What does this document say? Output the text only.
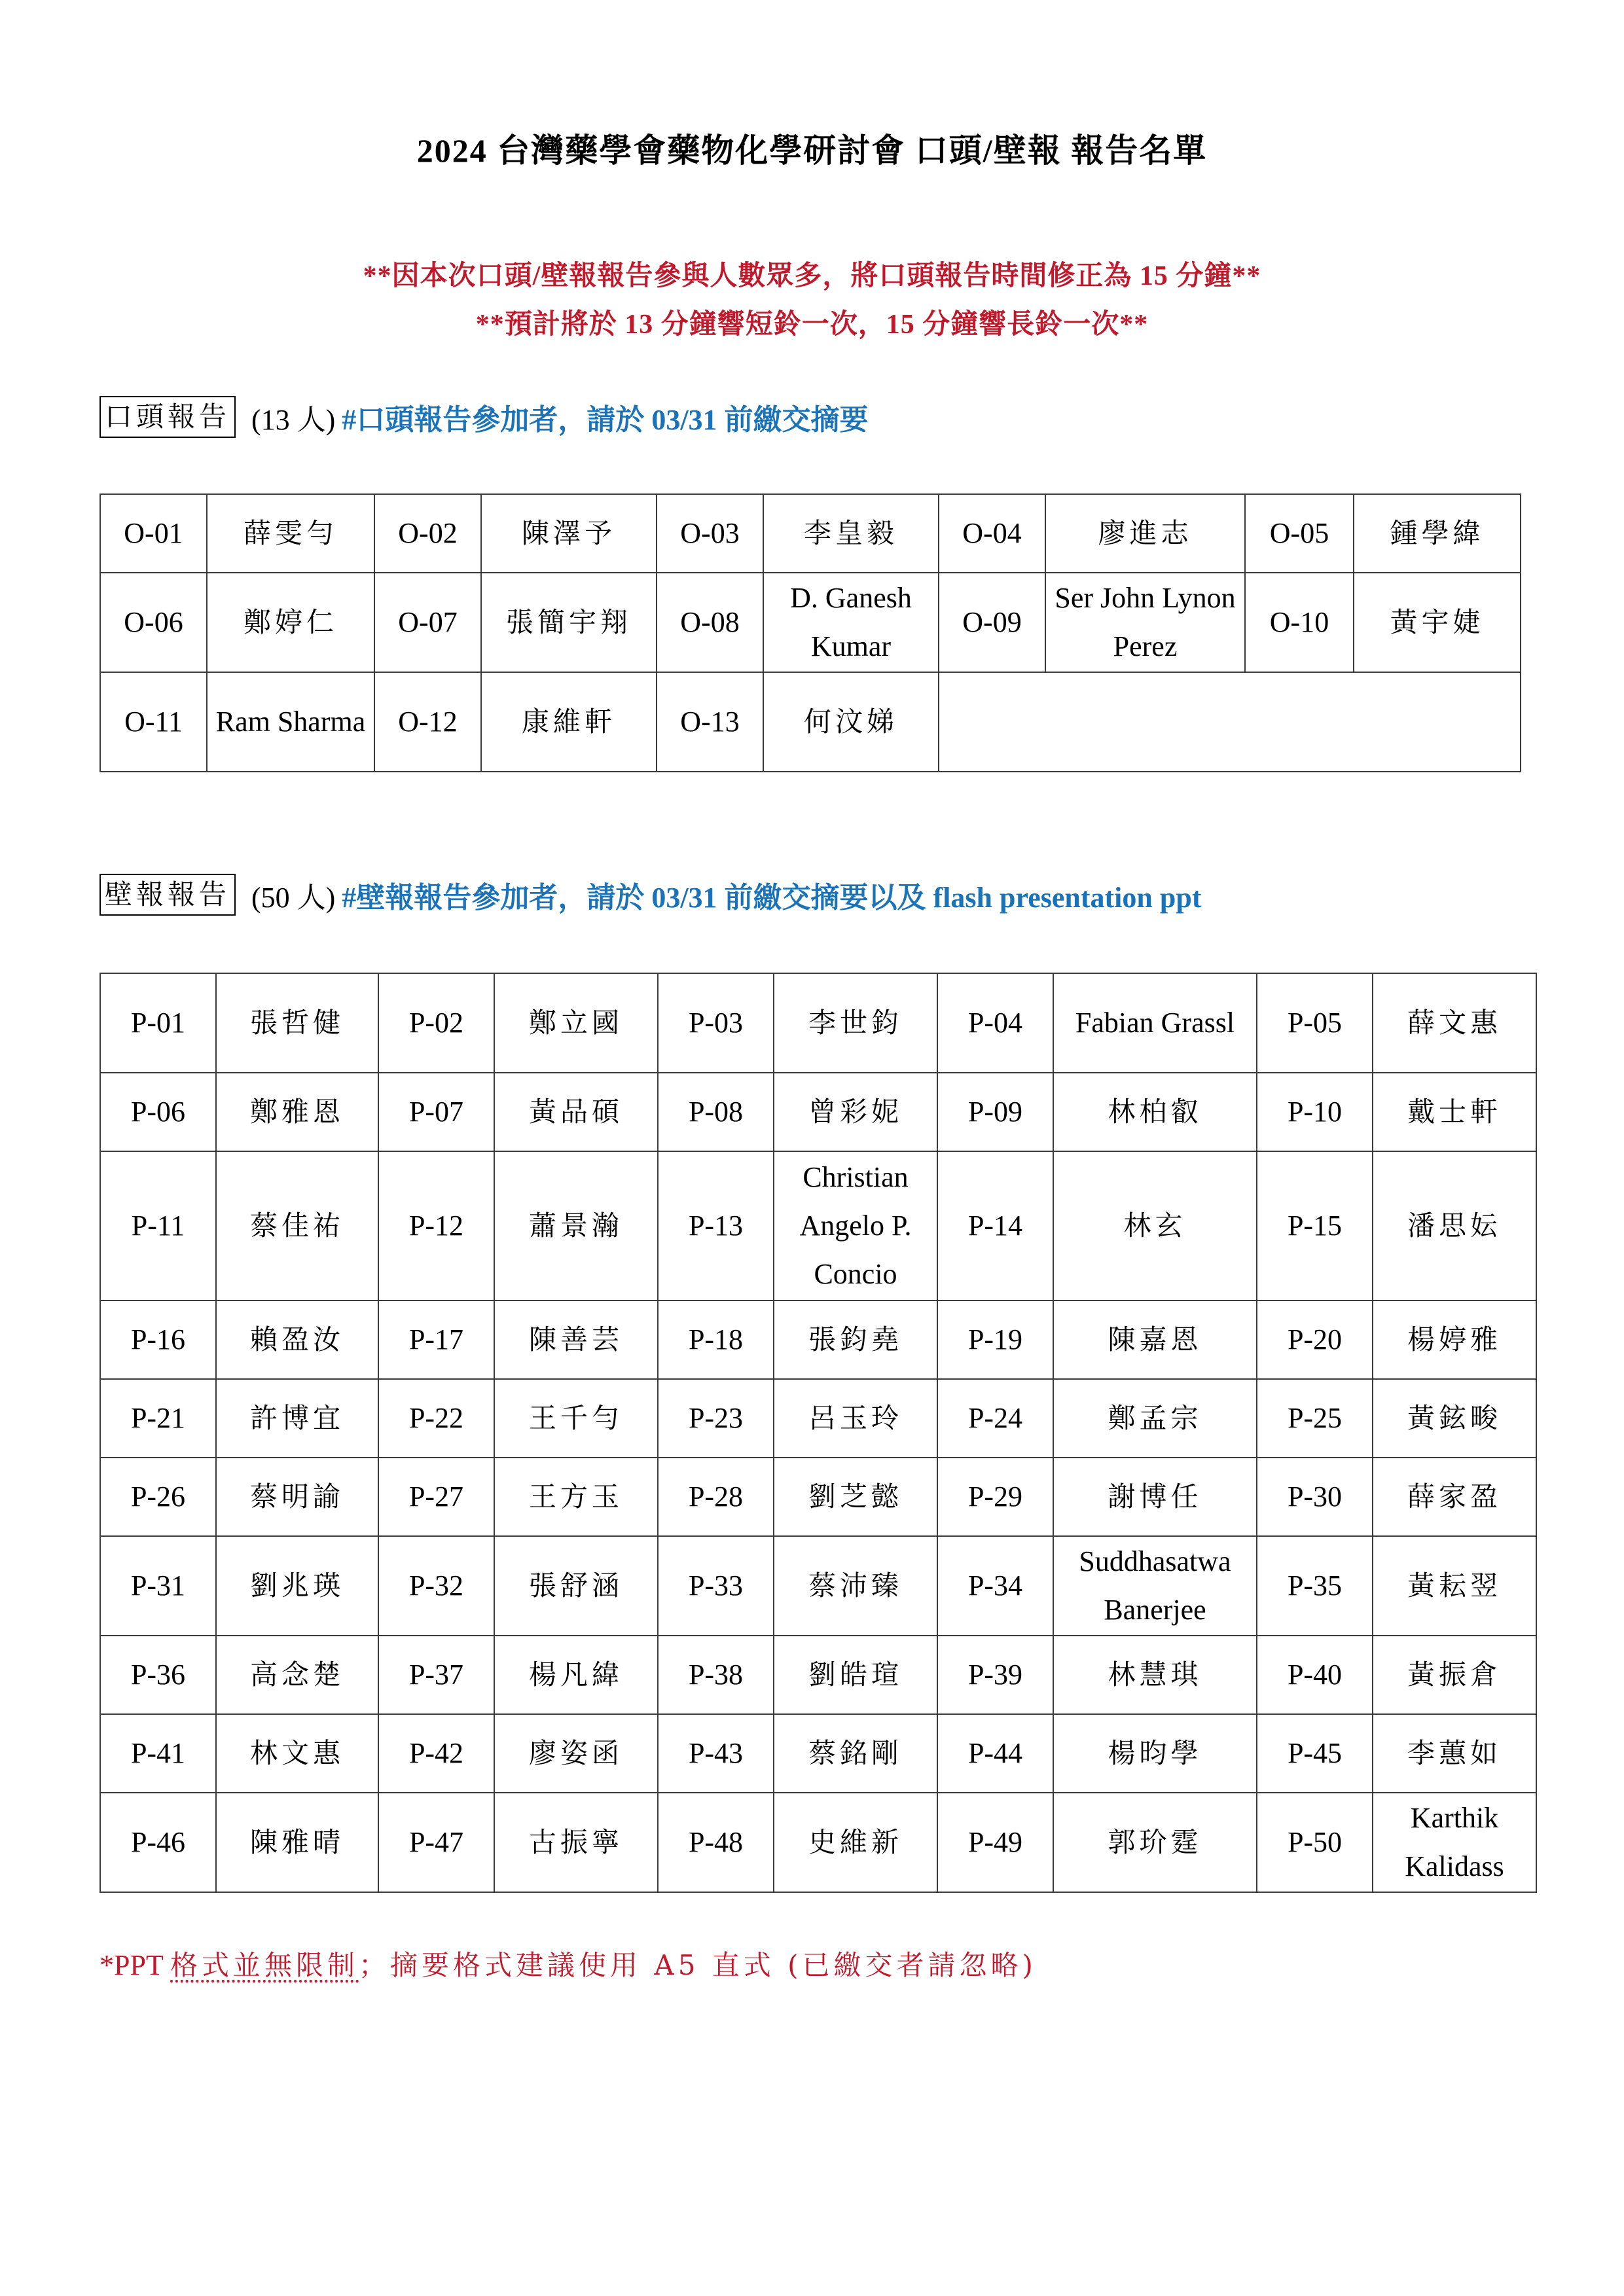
2024 台灣藥學會藥物化學研討會 口頭/壁報 報告名單
**因本次口頭/壁報報告參與人數眾多，將口頭報告時間修正為 15 分鐘**
**預計將於 13 分鐘響短鈴一次，15 分鐘響長鈴一次**
口頭報告 (13 人) #口頭報告參加者，請於 03/31 前繳交摘要
O-01	薛雯勻	O-02	陳澤予	O-03	李皇毅	O-04	廖進志	O-05	鍾學緯
O-06	鄭婷仁	O-07	張簡宇翔	O-08	D. Ganesh Kumar	O-09	Ser John Lynon Perez	O-10	黃宇婕
O-11	Ram Sharma	O-12	康維軒	O-13	何汶娣				
壁報報告 (50 人) #壁報報告參加者，請於 03/31 前繳交摘要以及 flash presentation ppt
P-01	張哲健	P-02	鄭立國	P-03	李世鈞	P-04	Fabian Grassl	P-05	薛文惠
P-06	鄭雅恩	P-07	黃品碩	P-08	曾彩妮	P-09	林柏叡	P-10	戴士軒
P-11	蔡佳祐	P-12	蕭景瀚	P-13	Christian Angelo P. Concio	P-14	林玄	P-15	潘思妘
P-16	賴盈汝	P-17	陳善芸	P-18	張鈞堯	P-19	陳嘉恩	P-20	楊婷雅
P-21	許博宜	P-22	王千勻	P-23	呂玉玲	P-24	鄭孟宗	P-25	黃鉉畯
P-26	蔡明諭	P-27	王方玉	P-28	劉芝懿	P-29	謝博任	P-30	薛家盈
P-31	劉兆瑛	P-32	張舒涵	P-33	蔡沛臻	P-34	Suddhasatwa Banerjee	P-35	黃耘翌
P-36	高念楚	P-37	楊凡緯	P-38	劉皓瑄	P-39	林慧琪	P-40	黃振倉
P-41	林文惠	P-42	廖姿函	P-43	蔡銘剛	P-44	楊昀學	P-45	李蕙如
P-46	陳雅晴	P-47	古振寧	P-48	史維新	P-49	郭玠霆	P-50	Karthik Kalidass
*PPT 格式並無限制；摘要格式建議使用 A5 直式 (已繳交者請忽略)
